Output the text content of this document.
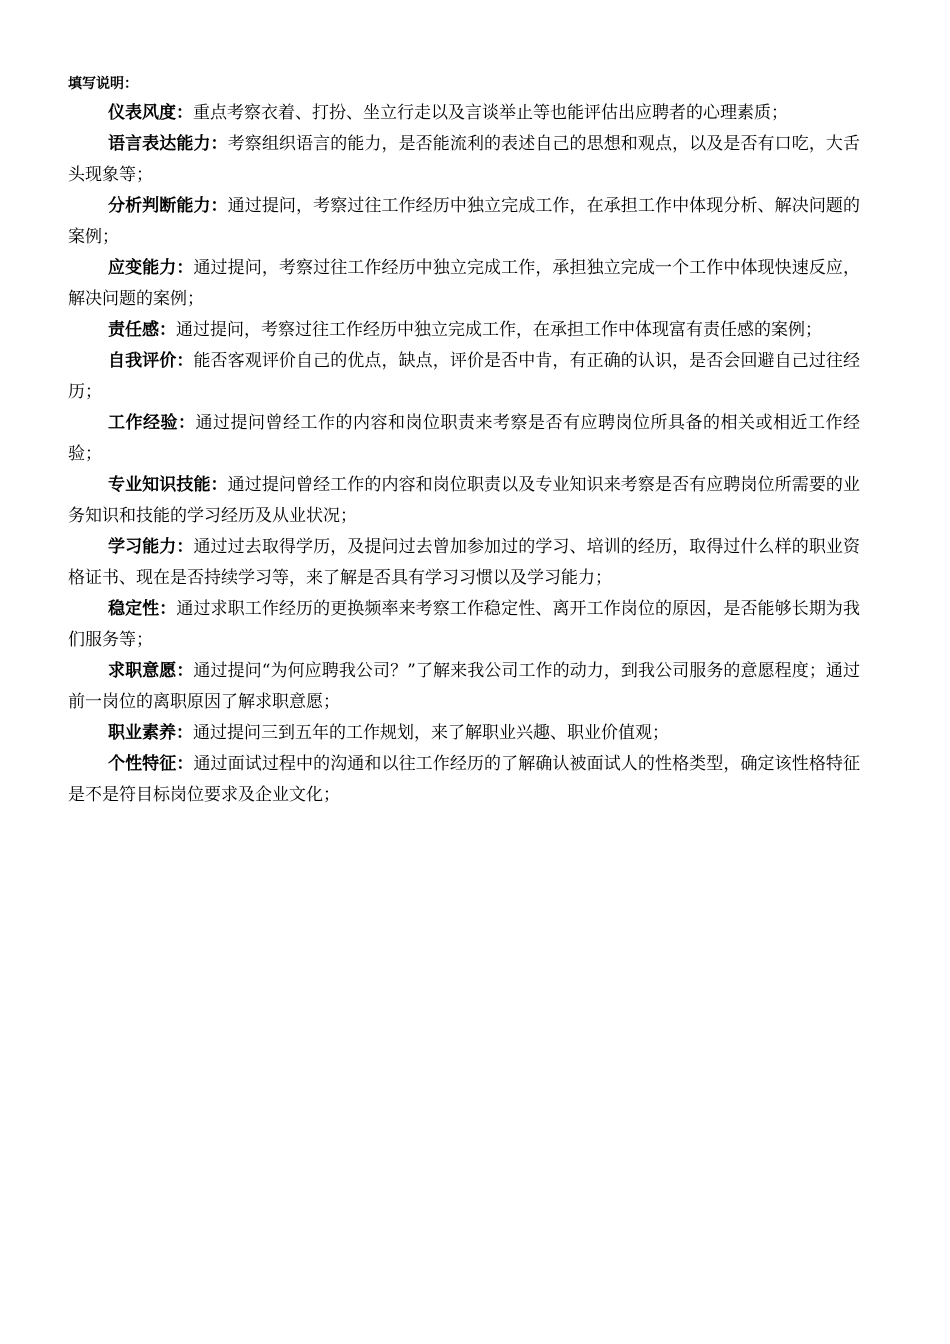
填写说明：

仪表风度：重点考察衣着、打扮、坐立行走以及言谈举止等也能评估出应聘者的心理素质；

语言表达能力：考察组织语言的能力，是否能流利的表述自己的思想和观点，以及是否有口吃，大舌头现象等；

分析判断能力：通过提问，考察过往工作经历中独立完成工作，在承担工作中体现分析、解决问题的案例；

应变能力：通过提问，考察过往工作经历中独立完成工作，承担独立完成一个工作中体现快速反应，解决问题的案例；

责任感：通过提问，考察过往工作经历中独立完成工作，在承担工作中体现富有责任感的案例；

自我评价：能否客观评价自己的优点，缺点，评价是否中肯，有正确的认识，是否会回避自己过往经历；

工作经验：通过提问曾经工作的内容和岗位职责来考察是否有应聘岗位所具备的相关或相近工作经验；

专业知识技能：通过提问曾经工作的内容和岗位职责以及专业知识来考察是否有应聘岗位所需要的业务知识和技能的学习经历及从业状况；

学习能力：通过过去取得学历，及提问过去曾加参加过的学习、培训的经历，取得过什么样的职业资格证书、现在是否持续学习等，来了解是否具有学习习惯以及学习能力；

稳定性：通过求职工作经历的更换频率来考察工作稳定性、离开工作岗位的原因，是否能够长期为我们服务等；

求职意愿：通过提问“为何应聘我公司？”了解来我公司工作的动力，到我公司服务的意愿程度；通过前一岗位的离职原因了解求职意愿；

职业素养：通过提问三到五年的工作规划，来了解职业兴趣、职业价值观；

个性特征：通过面试过程中的沟通和以往工作经历的了解确认被面试人的性格类型，确定该性格特征是不是符目标岗位要求及企业文化；
